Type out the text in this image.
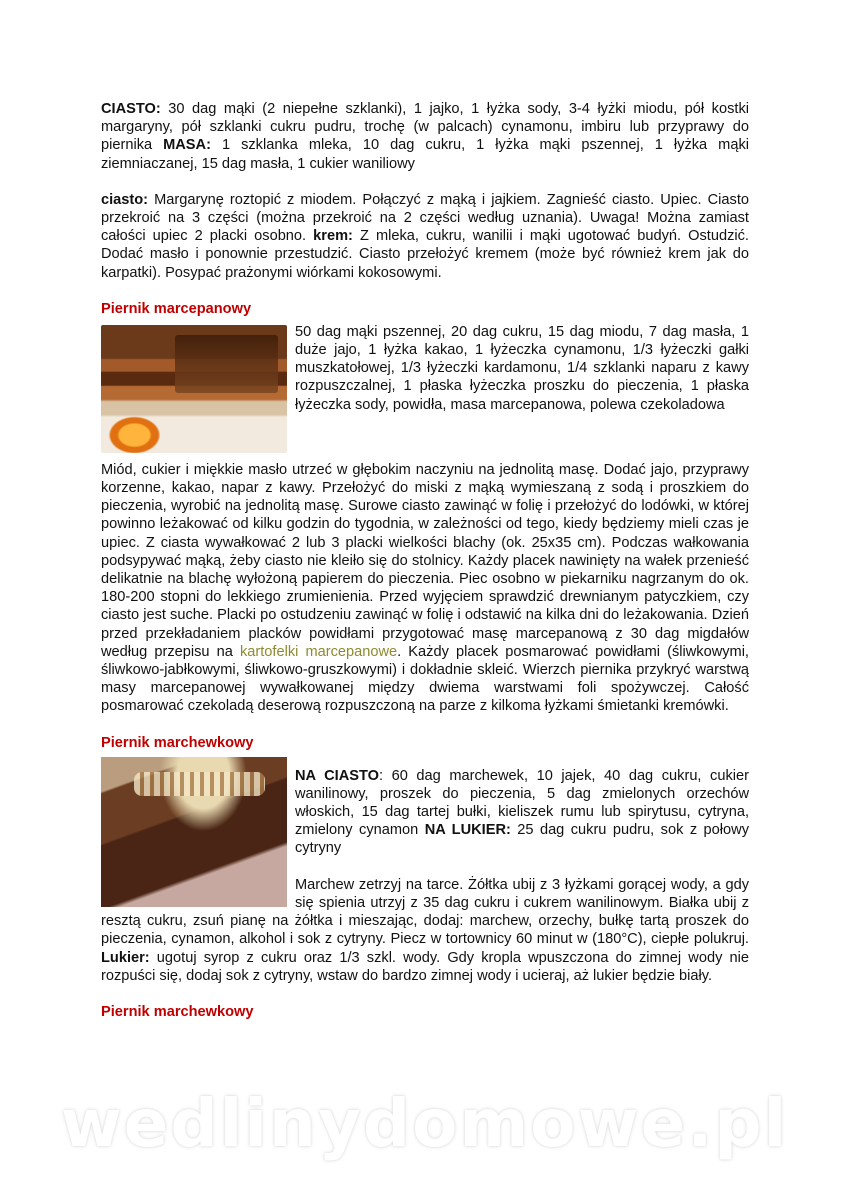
CIASTO: 30 dag mąki (2 niepełne szklanki), 1 jajko, 1 łyżka sody, 3-4 łyżki miodu, pół kostki margaryny, pół szklanki cukru pudru, trochę (w palcach) cynamonu, imbiru lub przyprawy do piernika MASA: 1 szklanka mleka, 10 dag cukru, 1 łyżka mąki pszennej, 1 łyżka mąki ziemniaczanej, 15 dag masła, 1 cukier waniliowy

ciasto: Margarynę roztopić z miodem. Połączyć z mąką i jajkiem. Zagnieść ciasto. Upiec. Ciasto przekroić na 3 części (można przekroić na 2 części według uznania). Uwaga! Można zamiast całości upiec 2 placki osobno. krem: Z mleka, cukru, wanilii i mąki ugotować budyń. Ostudzić. Dodać masło i ponownie przestudzić. Ciasto przełożyć kremem (może być również krem jak do karpatki). Posypać prażonymi wiórkami kokosowymi.

Piernik marcepanowy

50 dag mąki pszennej, 20 dag cukru, 15 dag miodu, 7 dag masła, 1 duże jajo, 1 łyżka kakao, 1 łyżeczka cynamonu, 1/3 łyżeczki gałki muszkatołowej, 1/3 łyżeczki kardamonu, 1/4 szklanki naparu z kawy rozpuszczalnej, 1 płaska łyżeczka proszku do pieczenia, 1 płaska łyżeczka sody, powidła, masa marcepanowa, polewa czekoladowa

Miód, cukier i miękkie masło utrzeć w głębokim naczyniu na jednolitą masę. Dodać jajo, przyprawy korzenne, kakao, napar z kawy. Przełożyć do miski z mąką wymieszaną z sodą i proszkiem do pieczenia, wyrobić na jednolitą masę. Surowe ciasto zawinąć w folię i przełożyć do lodówki, w której powinno leżakować od kilku godzin do tygodnia, w zależności od tego, kiedy będziemy mieli czas je upiec. Z ciasta wywałkować 2 lub 3 placki wielkości blachy (ok. 25x35 cm). Podczas wałkowania podsypywać mąką, żeby ciasto nie kleiło się do stolnicy. Każdy placek nawinięty na wałek przenieść delikatnie na blachę wyłożoną papierem do pieczenia. Piec osobno w piekarniku nagrzanym do ok. 180-200 stopni do lekkiego zrumienienia. Przed wyjęciem sprawdzić drewnianym patyczkiem, czy ciasto jest suche. Placki po ostudzeniu zawinąć w folię i odstawić na kilka dni do leżakowania. Dzień przed przekładaniem placków powidłami przygotować masę marcepanową z 30 dag migdałów według przepisu na kartofelki marcepanowe. Każdy placek posmarować powidłami (śliwkowymi, śliwkowo-jabłkowymi, śliwkowo-gruszkowymi) i dokładnie skleić. Wierzch piernika przykryć warstwą masy marcepanowej wywałkowanej między dwiema warstwami foli spożywczej. Całość posmarować czekoladą deserową rozpuszczoną na parze z kilkoma łyżkami śmietanki kremówki.

Piernik marchewkowy

NA CIASTO: 60 dag marchewek, 10 jajek, 40 dag cukru, cukier wanilinowy, proszek do pieczenia, 5 dag zmielonych orzechów włoskich, 15 dag tartej bułki, kieliszek rumu lub spirytusu, cytryna, zmielony cynamon NA LUKIER: 25 dag cukru pudru, sok z połowy cytryny

Marchew zetrzyj na tarce. Żółtka ubij z 3 łyżkami gorącej wody, a gdy się spienia utrzyj z 35 dag cukru i cukrem wanilinowym. Białka ubij z resztą cukru, zsuń pianę na żółtka i mieszając, dodaj: marchew, orzechy, bułkę tartą proszek do pieczenia, cynamon, alkohol i sok z cytryny. Piecz w tortownicy 60 minut w (180°C), ciepłe polukruj. Lukier: ugotuj syrop z cukru oraz 1/3 szkl. wody. Gdy kropla wpuszczona do zimnej wody nie rozpuści się, dodaj sok z cytryny, wstaw do bardzo zimnej wody i ucieraj, aż lukier będzie biały.

Piernik marchewkowy

wedlinydomowe.pl
